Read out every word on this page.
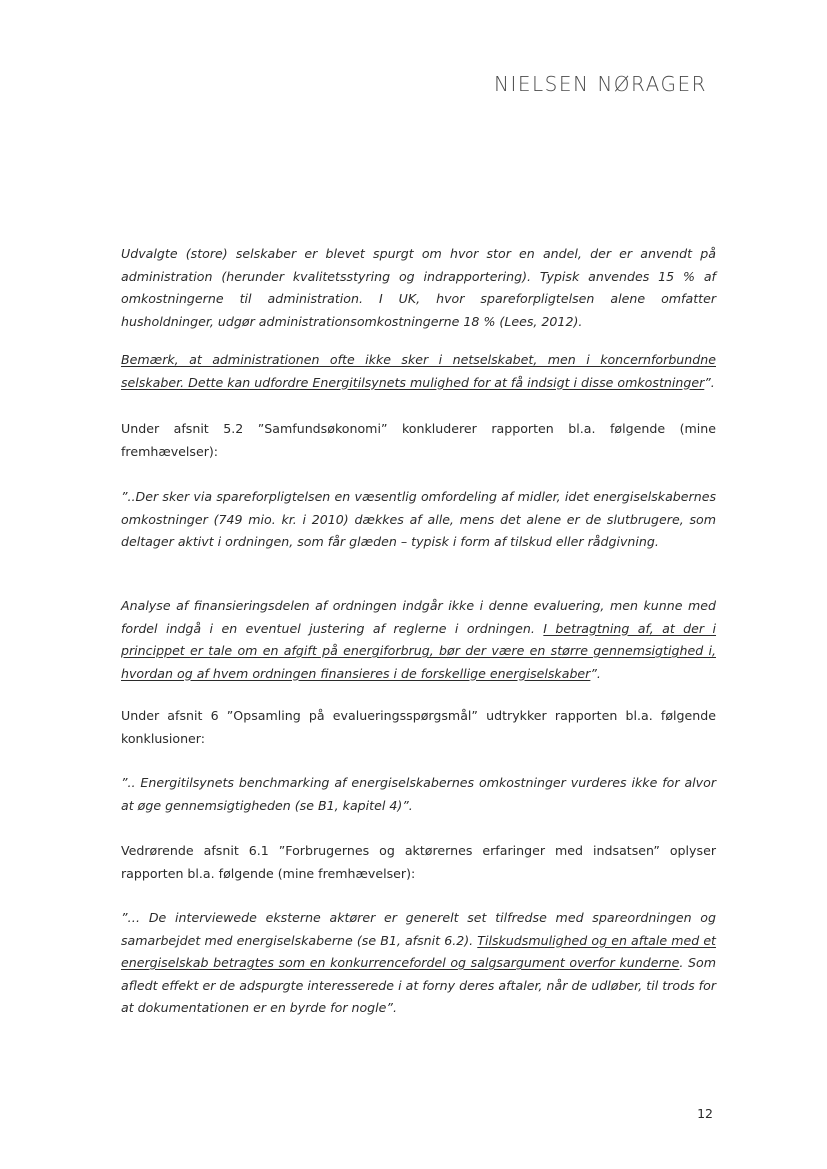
NIELSEN NØRAGER

Udvalgte (store) selskaber er blevet spurgt om hvor stor en andel, der er anvendt på administration (herunder kvalitetsstyring og indrapportering). Typisk anvendes 15 % af omkostningerne til administration. I UK, hvor spareforpligtelsen alene omfatter husholdninger, udgør administrationsomkostningerne 18 % (Lees, 2012).

Bemærk, at administrationen ofte ikke sker i netselskabet, men i koncernforbundne selskaber. Dette kan udfordre Energitilsynets mulighed for at få indsigt i disse omkostninger”.

Under afsnit 5.2 ”Samfundsøkonomi” konkluderer rapporten bl.a. følgende (mine fremhævelser):

”..Der sker via spareforpligtelsen en væsentlig omfordeling af midler, idet energiselskabernes omkostninger (749 mio. kr. i 2010) dækkes af alle, mens det alene er de slutbrugere, som deltager aktivt i ordningen, som får glæden – typisk i form af tilskud eller rådgivning.

Analyse af finansieringsdelen af ordningen indgår ikke i denne evaluering, men kunne med fordel indgå i en eventuel justering af reglerne i ordningen. I betragtning af, at der i princippet er tale om en afgift på energiforbrug, bør der være en større gennemsigtighed i, hvordan og af hvem ordningen finansieres i de forskellige energiselskaber”.

Under afsnit 6 ”Opsamling på evalueringsspørgsmål” udtrykker rapporten bl.a. følgende konklusioner:

”.. Energitilsynets benchmarking af energiselskabernes omkostninger vurderes ikke for alvor at øge gennemsigtigheden (se B1, kapitel 4)”.

Vedrørende afsnit 6.1 ”Forbrugernes og aktørernes erfaringer med indsatsen” oplyser rapporten bl.a. følgende (mine fremhævelser):

”… De interviewede eksterne aktører er generelt set tilfredse med spareordningen og samarbejdet med energiselskaberne (se B1, afsnit 6.2). Tilskudsmulighed og en aftale med et energiselskab betragtes som en konkurrencefordel og salgsargument overfor kunderne. Som afledt effekt er de adspurgte interesserede i at forny deres aftaler, når de udløber, til trods for at dokumentationen er en byrde for nogle”.

12
